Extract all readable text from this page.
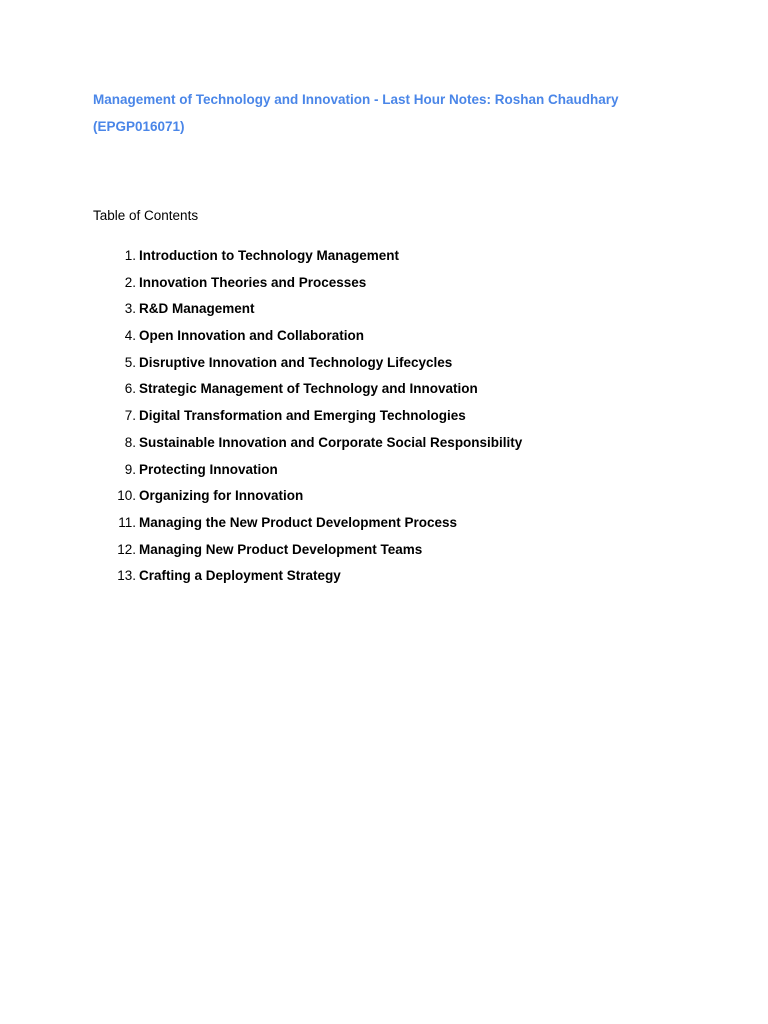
Management of Technology and Innovation - Last Hour Notes: Roshan Chaudhary
(EPGP016071)
Table of Contents
1. Introduction to Technology Management
2. Innovation Theories and Processes
3. R&D Management
4. Open Innovation and Collaboration
5. Disruptive Innovation and Technology Lifecycles
6. Strategic Management of Technology and Innovation
7. Digital Transformation and Emerging Technologies
8. Sustainable Innovation and Corporate Social Responsibility
9. Protecting Innovation
10. Organizing for Innovation
11. Managing the New Product Development Process
12. Managing New Product Development Teams
13. Crafting a Deployment Strategy
